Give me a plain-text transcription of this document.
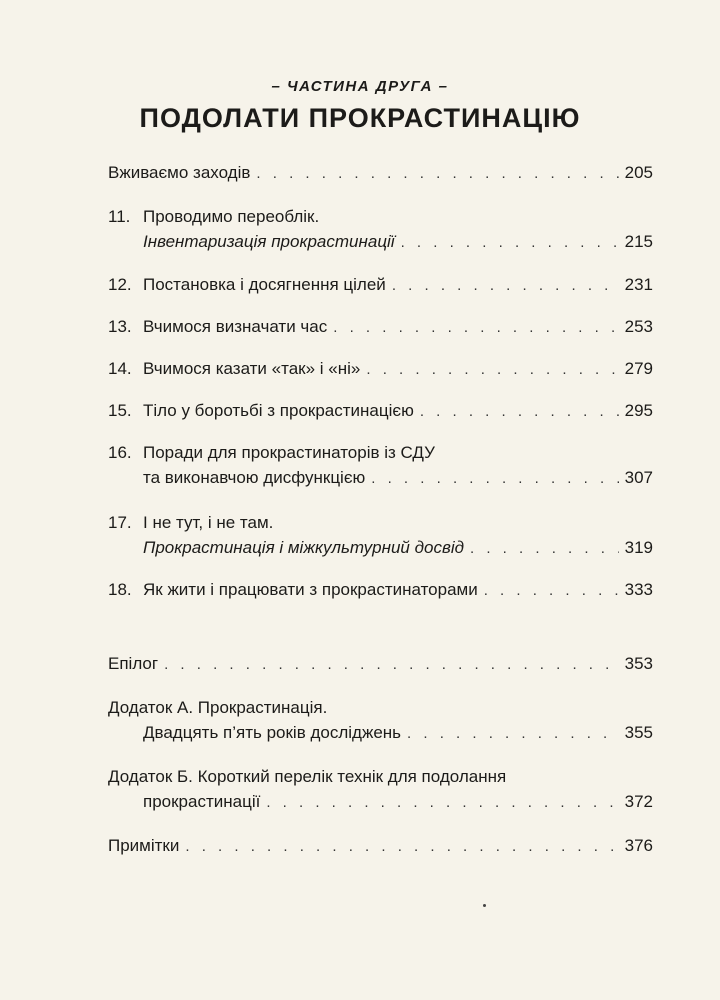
– ЧАСТИНА ДРУГА –
ПОДОЛАТИ ПРОКРАСТИНАЦІЮ
Вживаємо заходів . . .	205
11. Проводимо переоблік.
Інвентаризація прокрастинації . . .	215
12. Постановка і досягнення цілей . . .	231
13. Вчимося визначати час . . .	253
14. Вчимося казати «так» і «ні» . . .	279
15. Тіло у боротьбі з прокрастинацією . . .	295
16. Поради для прокрастинаторів із СДУ
та виконавчою дисфункцією . . .	307
17. І не тут, і не там.
Прокрастинація і міжкультурний досвід . . .	319
18. Як жити і працювати з прокрастинаторами . . .	333
Епілог . . .	353
Додаток А. Прокрастинація.
Двадцять п’ять років досліджень . . .	355
Додаток Б. Короткий перелік технік для подолання
прокрастинації . . .	372
Примітки . . .	376
